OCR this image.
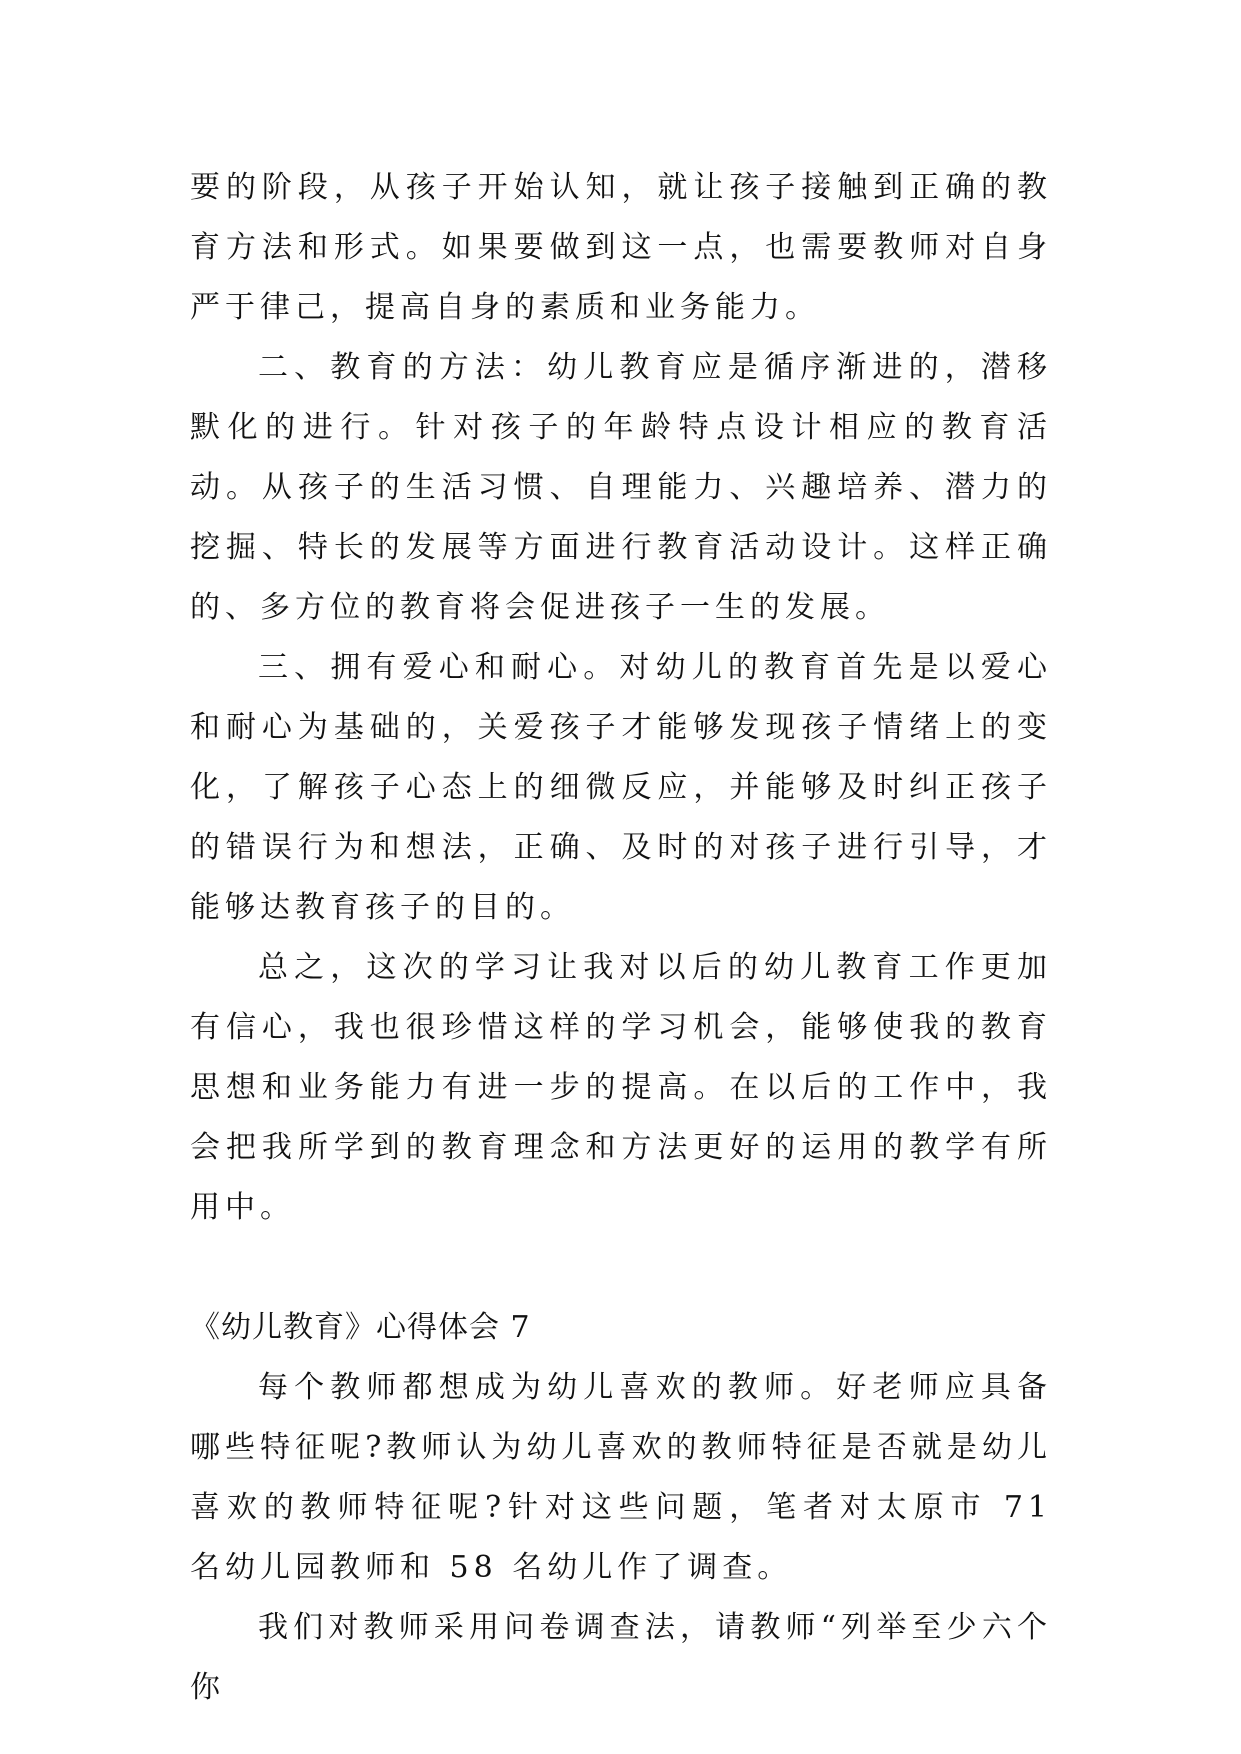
要的阶段，从孩子开始认知，就让孩子接触到正确的教育方法和形式。如果要做到这一点，也需要教师对自身严于律己，提高自身的素质和业务能力。

二、教育的方法：幼儿教育应是循序渐进的，潜移默化的进行。针对孩子的年龄特点设计相应的教育活动。从孩子的生活习惯、自理能力、兴趣培养、潜力的挖掘、特长的发展等方面进行教育活动设计。这样正确的、多方位的教育将会促进孩子一生的发展。

三、拥有爱心和耐心。对幼儿的教育首先是以爱心和耐心为基础的，关爱孩子才能够发现孩子情绪上的变化，了解孩子心态上的细微反应，并能够及时纠正孩子的错误行为和想法，正确、及时的对孩子进行引导，才能够达教育孩子的目的。

总之，这次的学习让我对以后的幼儿教育工作更加有信心，我也很珍惜这样的学习机会，能够使我的教育思想和业务能力有进一步的提高。在以后的工作中，我会把我所学到的教育理念和方法更好的运用的教学有所用中。

《幼儿教育》心得体会 7

每个教师都想成为幼儿喜欢的教师。好老师应具备哪些特征呢?教师认为幼儿喜欢的教师特征是否就是幼儿喜欢的教师特征呢?针对这些问题，笔者对太原市 71 名幼儿园教师和 58 名幼儿作了调查。

我们对教师采用问卷调查法，请教师“列举至少六个你
